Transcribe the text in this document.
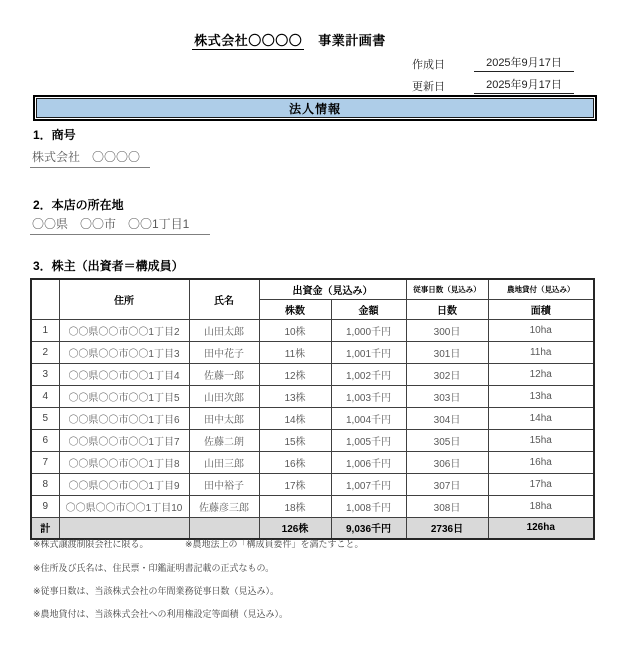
株式会社〇〇〇〇 事業計画書
作成日	2025年9月17日
更新日	2025年9月17日
法人情報
1．商号
株式会社　〇〇〇〇
2．本店の所在地
〇〇県　〇〇市　〇〇1丁目1
3．株主（出資者＝構成員）
	住所	氏名	出資金（見込み）		従事日数（見込み）	農地貸付（見込み）
			株数	金額	日数	面積
1	〇〇県〇〇市〇〇1丁目2	山田太郎	10株	1,000千円	300日	10ha
2	〇〇県〇〇市〇〇1丁目3	田中花子	11株	1,001千円	301日	11ha
3	〇〇県〇〇市〇〇1丁目4	佐藤一郎	12株	1,002千円	302日	12ha
4	〇〇県〇〇市〇〇1丁目5	山田次郎	13株	1,003千円	303日	13ha
5	〇〇県〇〇市〇〇1丁目6	田中太郎	14株	1,004千円	304日	14ha
6	〇〇県〇〇市〇〇1丁目7	佐藤二朗	15株	1,005千円	305日	15ha
7	〇〇県〇〇市〇〇1丁目8	山田三郎	16株	1,006千円	306日	16ha
8	〇〇県〇〇市〇〇1丁目9	田中裕子	17株	1,007千円	307日	17ha
9	〇〇県〇〇市〇〇1丁目10	佐藤彦三郎	18株	1,008千円	308日	18ha
計			126株	9,036千円	2736日	126ha
※株式譲渡制限会社に限る。	※農地法上の「構成員要件」を満たすこと。
※住所及び氏名は、住民票・印鑑証明書記載の正式なもの。
※従事日数は、当該株式会社の年間業務従事日数（見込み）。
※農地貸付は、当該株式会社への利用権設定等面積（見込み）。
